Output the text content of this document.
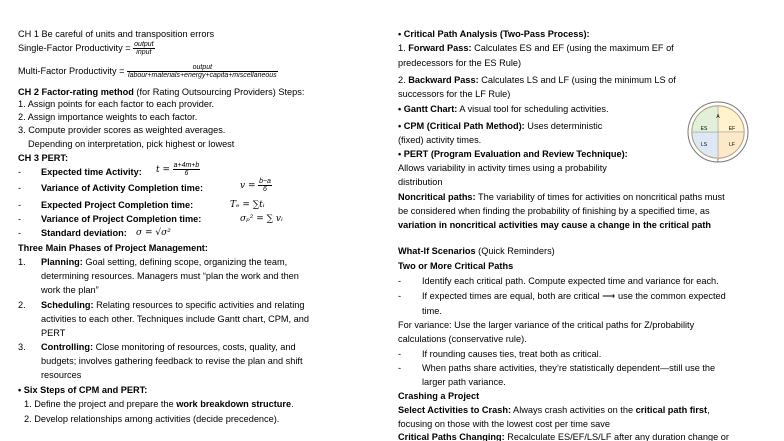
CH 1 Be careful of units and transposition errors
Single-Factor Productivity = $\frac{\text{output}}{\text{input}}$
Multi-Factor Productivity = $\frac{\text{output}}{\text{labour+materials+energy+capita+miscellaneous}}$
CH 2 Factor-rating method (for Rating Outsourcing Providers) Steps:
1. Assign points for each factor to each provider.
2. Assign importance weights to each factor.
3. Compute provider scores as weighted averages.
Depending on interpretation, pick highest or lowest
CH 3 PERT:
- Expected time Activity: $t = \frac{a+4m+b}{6}$
- Variance of Activity Completion time:	$v = \frac{b-a}{6}$
- Expected Project Completion time:	Tₑ = ∑tᵢ
- Variance of Project Completion time:	σₚ² = ∑ vᵢ
- Standard deviation: σ = √σ²
Three Main Phases of Project Management:
1. Planning: Goal setting, defining scope, organizing the team,
determining resources. Managers must “plan the work and then
work the plan”
2. Scheduling: Relating resources to specific activities and relating
activities to each other. Techniques include Gantt chart, CPM, and
PERT
3. Controlling: Close monitoring of resources, costs, quality, and
budgets; involves gathering feedback to revise the plan and shift
resources
• Six Steps of CPM and PERT:
1. Define the project and prepare the work breakdown structure.
2. Develop relationships among activities (decide precedence).
• Critical Path Analysis (Two-Pass Process):
1. Forward Pass: Calculates ES and EF (using the maximum EF of
predecessors for the ES Rule)
2. Backward Pass: Calculates LS and LF (using the minimum LS of
successors for the LF Rule)
• Gantt Chart: A visual tool for scheduling activities.
• CPM (Critical Path Method): Uses deterministic
(fixed) activity times.
• PERT (Program Evaluation and Review Technique):
Allows variability in activity times using a probability
distribution
A
ES	EF
LS	LF
t
Noncritical paths: The variability of times for activities on noncritical paths must
be considered when finding the probability of finishing by a specified time, as
variation in noncritical activities may cause a change in the critical path
What-If Scenarios (Quick Reminders)
Two or More Critical Paths
- Identify each critical path. Compute expected time and variance for each.
- If expected times are equal, both are critical ⟶ use the common expected
time.
For variance: Use the larger variance of the critical paths for Z/probability
calculations (conservative rule).
- If rounding causes ties, treat both as critical.
- When paths share activities, they’re statistically dependent—still use the
larger path variance.
Crashing a Project
Select Activities to Crash: Always crash activities on the critical path first,
focusing on those with the lowest cost per time save
Critical Paths Changing: Recalculate ES/EF/LS/LF after any duration change or
